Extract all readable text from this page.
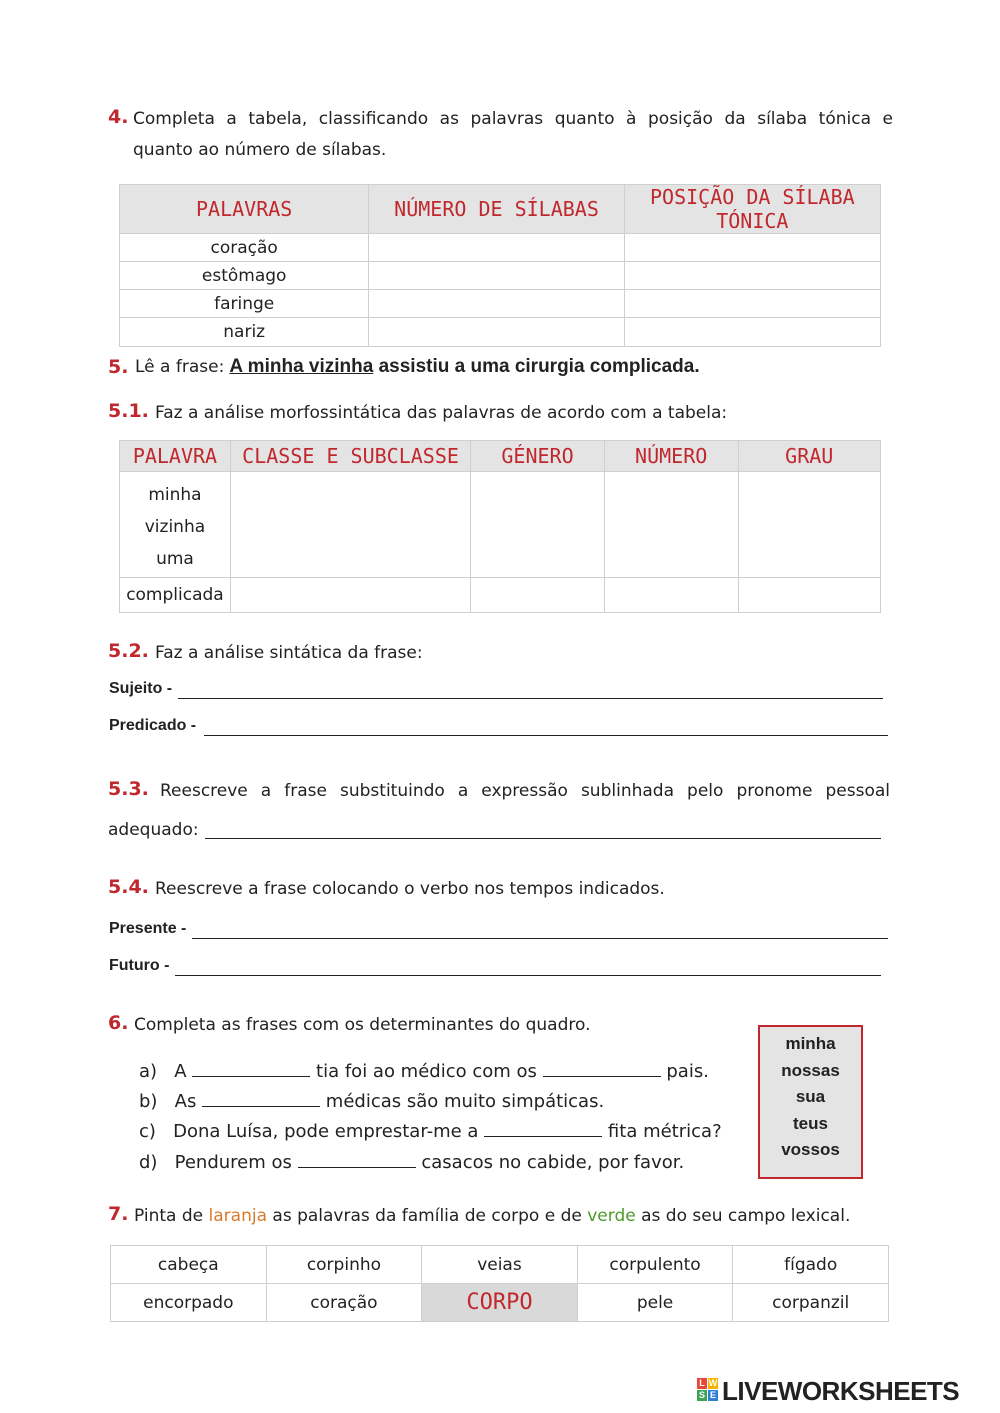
4. Completa a tabela, classificando as palavras quanto à posição da sílaba tónica e
quanto ao número de sílabas.
PALAVRAS	NÚMERO DE SÍLABAS	POSIÇÃO DA SÍLABA TÓNICA
coração		
estômago		
faringe		
nariz		
5. Lê a frase: A minha vizinha assistiu a uma cirurgia complicada.
5.1. Faz a análise morfossintática das palavras de acordo com a tabela:
PALAVRA	CLASSE E SUBCLASSE	GÉNERO	NÚMERO	GRAU

minha
vizinha
uma				

complicada				
5.2. Faz a análise sintática da frase:
Sujeito -
Predicado -
5.3. Reescreve a frase substituindo a expressão sublinhada pelo pronome pessoal
adequado:
5.4. Reescreve a frase colocando o verbo nos tempos indicados.
Presente -
Futuro -
6. Completa as frases com os determinantes do quadro.
a) A	tia foi ao médico com os	pais.
b) As	médicas são muito simpáticas.
c) Dona Luísa, pode emprestar-me a	fita métrica?
d) Pendurem os	casacos no cabide, por favor.
minha
nossas
sua
teus
vossos
7. Pinta de laranja as palavras da família de corpo e de verde as do seu campo lexical.
cabeça	corpinho	veias	corpulento	fígado
encorpado	coração	CORPO	pele	corpanzil
L W
S E LIVEWORKSHEETS
